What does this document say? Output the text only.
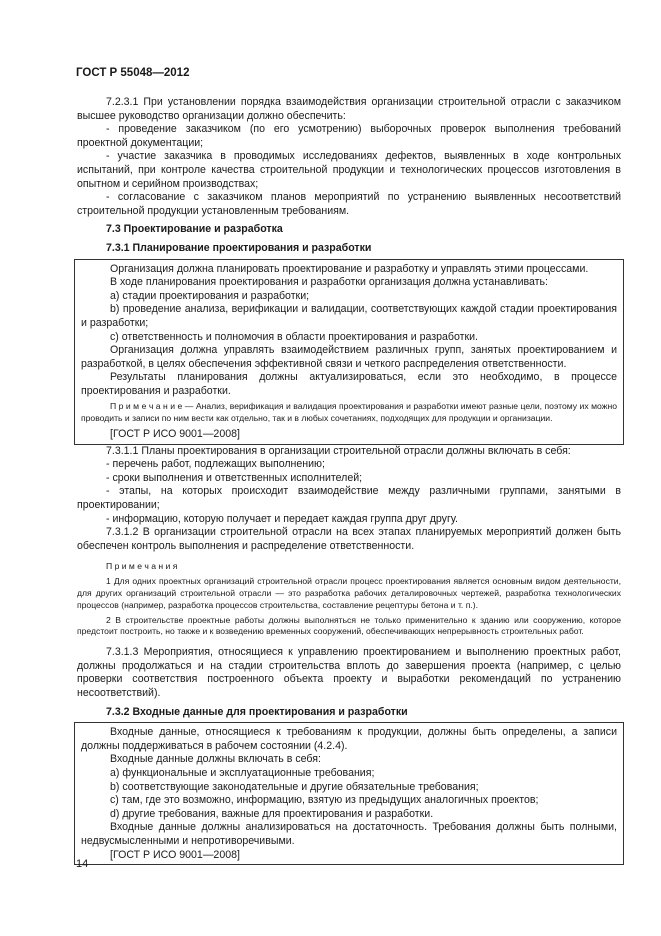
ГОСТ Р 55048—2012

7.2.3.1 При установлении порядка взаимодействия организации строительной отрасли с заказчиком высшее руководство организации должно обеспечить:

- проведение заказчиком (по его усмотрению) выборочных проверок выполнения требований проектной документации;

- участие заказчика в проводимых исследованиях дефектов, выявленных в ходе контрольных испытаний, при контроле качества строительной продукции и технологических процессов изготовления в опытном и серийном производствах;

- согласование с заказчиком планов мероприятий по устранению выявленных несоответствий строительной продукции установленным требованиям.

7.3 Проектирование и разработка

7.3.1 Планирование проектирования и разработки

Организация должна планировать проектирование и разработку и управлять этими процессами.

В ходе планирования проектирования и разработки организация должна устанавливать:

a) стадии проектирования и разработки;

b) проведение анализа, верификации и валидации, соответствующих каждой стадии проектирования и разработки;

c) ответственность и полномочия в области проектирования и разработки.

Организация должна управлять взаимодействием различных групп, занятых проектированием и разработкой, в целях обеспечения эффективной связи и четкого распределения ответственности.

Результаты планирования должны актуализироваться, если это необходимо, в процессе проектирования и разработки.

П р и м е ч а н и е — Анализ, верификация и валидация проектирования и разработки имеют разные цели, поэтому их можно проводить и записи по ним вести как отдельно, так и в любых сочетаниях, подходящих для продукции и организации.

[ГОСТ Р ИСО 9001—2008]

7.3.1.1 Планы проектирования в организации строительной отрасли должны включать в себя:

- перечень работ, подлежащих выполнению;

- сроки выполнения и ответственных исполнителей;

- этапы, на которых происходит взаимодействие между различными группами, занятыми в проектировании;

- информацию, которую получает и передает каждая группа друг другу.

7.3.1.2 В организации строительной отрасли на всех этапах планируемых мероприятий должен быть обеспечен контроль выполнения и распределение ответственности.

П р и м е ч а н и я

1 Для одних проектных организаций строительной отрасли процесс проектирования является основным видом деятельности, для других организаций строительной отрасли — это разработка рабочих деталировочных чертежей, разработка технологических процессов (например, разработка процессов строительства, составление рецептуры бетона и т. п.).

2 В строительстве проектные работы должны выполняться не только применительно к зданию или сооружению, которое предстоит построить, но также и к возведению временных сооружений, обеспечивающих непрерывность строительных работ.

7.3.1.3 Мероприятия, относящиеся к управлению проектированием и выполнению проектных работ, должны продолжаться и на стадии строительства вплоть до завершения проекта (например, с целью проверки соответствия построенного объекта проекту и выработки рекомендаций по устранению несоответствий).

7.3.2 Входные данные для проектирования и разработки

Входные данные, относящиеся к требованиям к продукции, должны быть определены, а записи должны поддерживаться в рабочем состоянии (4.2.4).

Входные данные должны включать в себя:

a) функциональные и эксплуатационные требования;

b) соответствующие законодательные и другие обязательные требования;

c) там, где это возможно, информацию, взятую из предыдущих аналогичных проектов;

d) другие требования, важные для проектирования и разработки.

Входные данные должны анализироваться на достаточность. Требования должны быть полными, недвусмысленными и непротиворечивыми.

[ГОСТ Р ИСО 9001—2008]

14
